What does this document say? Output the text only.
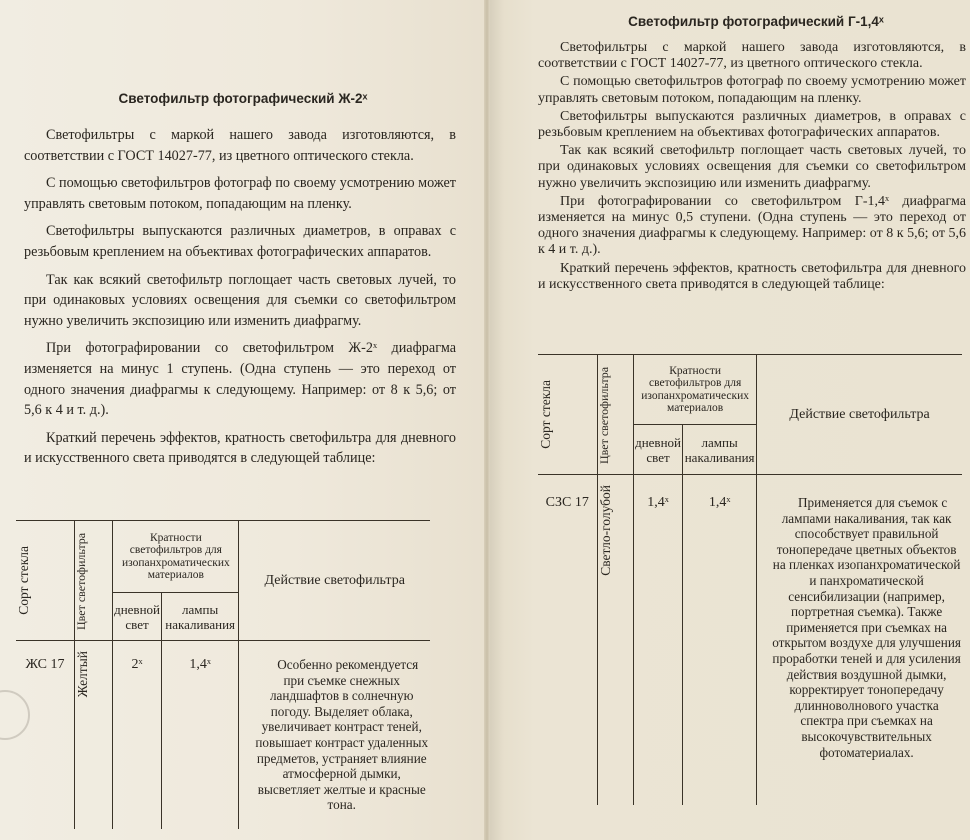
Светофильтр фотографический Ж-2ˣ

Светофильтры с маркой нашего завода изготовляются, в соответствии с ГОСТ 14027-77, из цветного оптического стекла.

С помощью светофильтров фотограф по своему усмотрению может управлять световым потоком, попадающим на пленку.

Светофильтры выпускаются различных диаметров, в оправах с резьбовым креплением на объективах фотографических аппаратов.

Так как всякий светофильтр поглощает часть световых лучей, то при одинаковых условиях освещения для съемки со светофильтром нужно увеличить экспозицию или изменить диафрагму.

При фотографировании со светофильтром Ж-2ˣ диафрагма изменяется на минус 1 ступень. (Одна ступень — это переход от одного значения диафрагмы к следующему. Например: от 8 к 5,6; от 5,6 к 4 и т. д.).

Краткий перечень эффектов, кратность светофильтра для дневного и искусственного света приводятся в следующей таблице:

Сорт стекла	Цвет светофильтра	Кратности светофильтров для изопанхроматических материалов		Действие светофильтра
		дневной свет	лампы накаливания	
ЖС 17	Желтый	2ˣ	1,4ˣ	Особенно рекомендуется при съемке снежных ландшафтов в солнечную погоду. Выделяет облака, увеличивает контраст теней, повышает контраст удаленных предметов, устраняет влияние атмосферной дымки, высветляет желтые и красные тона.
Светофильтр фотографический Г-1,4ˣ

Светофильтры с маркой нашего завода изготовляются, в соответствии с ГОСТ 14027-77, из цветного оптического стекла.

С помощью светофильтров фотограф по своему усмотрению может управлять световым потоком, попадающим на пленку.

Светофильтры выпускаются различных диаметров, в оправах с резьбовым креплением на объективах фотографических аппаратов.

Так как всякий светофильтр поглощает часть световых лучей, то при одинаковых условиях освещения для съемки со светофильтром нужно увеличить экспозицию или изменить диафрагму.

При фотографировании со светофильтром Г-1,4ˣ диафрагма изменяется на минус 0,5 ступени. (Одна ступень — это переход от одного значения диафрагмы к следующему. Например: от 8 к 5,6; от 5,6 к 4 и т. д.).

Краткий перечень эффектов, кратность светофильтра для дневного и искусственного света приводятся в следующей таблице:

Сорт стекла	Цвет светофильтра	Кратности светофильтров для изопанхроматических материалов		Действие светофильтра
		дневной свет	лампы накаливания	
СЗС 17	Светло-голубой	1,4ˣ	1,4ˣ	Применяется для съемок с лампами накаливания, так как способствует правильной тонопередаче цветных объектов на пленках изопанхроматической и панхроматической сенсибилизации (например, портретная съемка). Также применяется при съемках на открытом воздухе для улучшения проработки теней и для усиления действия воздушной дымки, корректирует тонопередачу длинноволнового участка спектра при съемках на высокочувствительных фотоматериалах.
